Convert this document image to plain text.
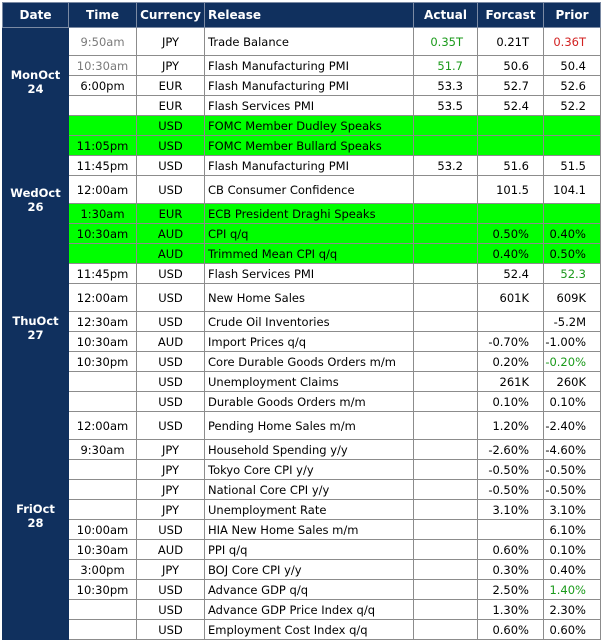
Date	Time	Currency	Release	Actual	Forcast	Prior
MonOct 24	9:50am	JPY	Trade Balance	0.35T	0.21T	0.36T
	10:30am	JPY	Flash Manufacturing PMI	51.7	50.6	50.4
	6:00pm	EUR	Flash Manufacturing PMI	53.3	52.7	52.6
		EUR	Flash Services PMI	53.5	52.4	52.2
		USD	FOMC Member Dudley Speaks			
WedOct 26	11:05pm	USD	FOMC Member Bullard Speaks			
	11:45pm	USD	Flash Manufacturing PMI	53.2	51.6	51.5
	12:00am	USD	CB Consumer Confidence		101.5	104.1
	1:30am	EUR	ECB President Draghi Speaks			
	10:30am	AUD	CPI q/q		0.50%	0.40%
		AUD	Trimmed Mean CPI q/q		0.40%	0.50%
ThuOct 27	11:45pm	USD	Flash Services PMI		52.4	52.3
	12:00am	USD	New Home Sales		601K	609K
	12:30am	USD	Crude Oil Inventories			-5.2M
	10:30am	AUD	Import Prices q/q		-0.70%	-1.00%
	10:30pm	USD	Core Durable Goods Orders m/m		0.20%	-0.20%
		USD	Unemployment Claims		261K	260K
FriOct 28		USD	Durable Goods Orders m/m		0.10%	0.10%
	12:00am	USD	Pending Home Sales m/m		1.20%	-2.40%
	9:30am	JPY	Household Spending y/y		-2.60%	-4.60%
		JPY	Tokyo Core CPI y/y		-0.50%	-0.50%
		JPY	National Core CPI y/y		-0.50%	-0.50%
		JPY	Unemployment Rate		3.10%	3.10%
	10:00am	USD	HIA New Home Sales m/m			6.10%
	10:30am	AUD	PPI q/q		0.60%	0.10%
	3:00pm	JPY	BOJ Core CPI y/y		0.30%	0.40%
	10:30pm	USD	Advance GDP q/q		2.50%	1.40%
		USD	Advance GDP Price Index q/q		1.30%	2.30%
		USD	Employment Cost Index q/q		0.60%	0.60%
